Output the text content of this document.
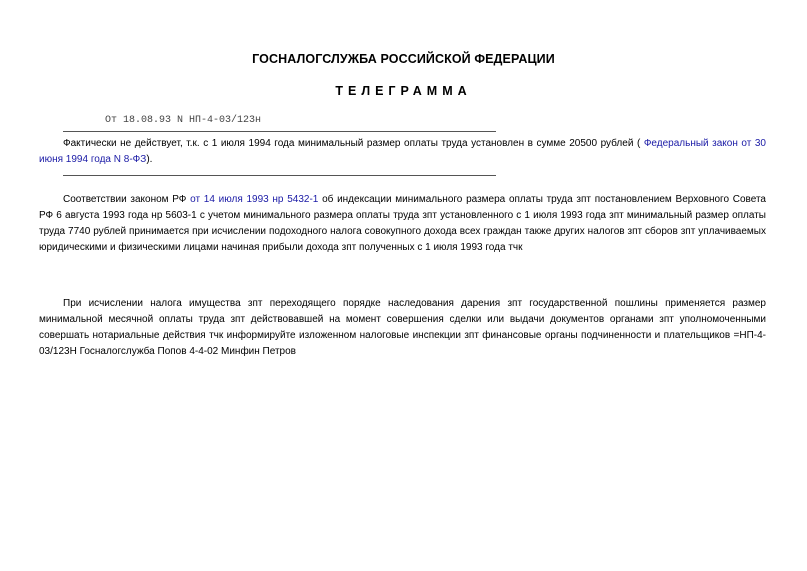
ГОСНАЛОГСЛУЖБА РОССИЙСКОЙ ФЕДЕРАЦИИ
ТЕЛЕГРАММА
От 18.08.93 N НП-4-03/123н
Фактически не действует, т.к. с 1 июля 1994 года минимальный размер оплаты труда установлен в сумме 20500 рублей ( Федеральный закон от 30 июня 1994 года N 8-ФЗ).
Соответствии законом РФ от 14 июля 1993 нр 5432-1 об индексации минимального размера оплаты труда зпт постановлением Верховного Совета РФ 6 августа 1993 года нр 5603-1 с учетом минимального размера оплаты труда зпт установленного с 1 июля 1993 года зпт минимальный размер оплаты труда 7740 рублей принимается при исчислении подоходного налога совокупного дохода всех граждан также других налогов зпт сборов зпт уплачиваемых юридическими и физическими лицами начиная прибыли дохода зпт полученных с 1 июля 1993 года тчк
При исчислении налога имущества зпт переходящего порядке наследования дарения зпт государственной пошлины применяется размер минимальной месячной оплаты труда зпт действовавшей на момент совершения сделки или выдачи документов органами зпт уполномоченными совершать нотариальные действия тчк информируйте изложенном налоговые инспекции зпт финансовые органы подчиненности и плательщиков =НП-4-03/123Н Госналогслужба Попов 4-4-02 Минфин Петров
